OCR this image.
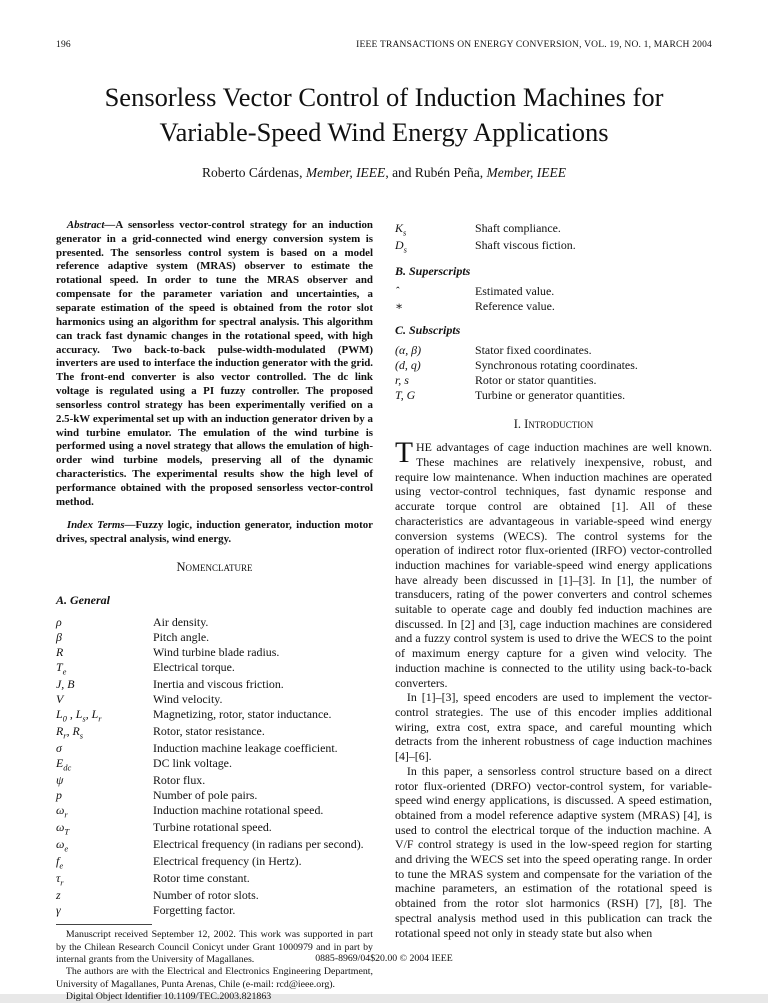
196	IEEE TRANSACTIONS ON ENERGY CONVERSION, VOL. 19, NO. 1, MARCH 2004
Sensorless Vector Control of Induction Machines for Variable-Speed Wind Energy Applications
Roberto Cárdenas, Member, IEEE, and Rubén Peña, Member, IEEE

Abstract—A sensorless vector-control strategy for an induction generator in a grid-connected wind energy conversion system is presented. The sensorless control system is based on a model reference adaptive system (MRAS) observer to estimate the rotational speed. In order to tune the MRAS observer and compensate for the parameter variation and uncertainties, a separate estimation of the speed is obtained from the rotor slot harmonics using an algorithm for spectral analysis. This algorithm can track fast dynamic changes in the rotational speed, with high accuracy. Two back-to-back pulse-width-modulated (PWM) inverters are used to interface the induction generator with the grid. The front-end converter is also vector controlled. The dc link voltage is regulated using a PI fuzzy controller. The proposed sensorless control strategy has been experimentally verified on a 2.5-kW experimental set up with an induction generator driven by a wind turbine emulator. The emulation of the wind turbine is performed using a novel strategy that allows the emulation of high-order wind turbine models, preserving all of the dynamic characteristics. The experimental results show the high level of performance obtained with the proposed sensorless vector-control method.

Index Terms—Fuzzy logic, induction generator, induction motor drives, spectral analysis, wind energy.

Nomenclature
A. General
ρ	Air density.
β	Pitch angle.
R	Wind turbine blade radius.
$T_e$	Electrical torque.
J, B	Inertia and viscous friction.
V	Wind velocity.
$L_0$ , $L_s$, $L_r$	Magnetizing, rotor, stator inductance.
$R_r$, $R_s$	Rotor, stator resistance.
σ	Induction machine leakage coefficient.
$E_{dc}$	DC link voltage.
ψ	Rotor flux.
p	Number of pole pairs.
$\omega_r$	Induction machine rotational speed.
$\omega_T$	Turbine rotational speed.
$\omega_e$	Electrical frequency (in radians per second).
$f_e$	Electrical frequency (in Hertz).
$\tau_r$	Rotor time constant.
z	Number of rotor slots.
γ	Forgetting factor.

Manuscript received September 12, 2002. This work was supported in part by the Chilean Research Council Conicyt under Grant 1000979 and in part by internal grants from the University of Magallanes.

The authors are with the Electrical and Electronics Engineering Department, University of Magallanes, Punta Arenas, Chile (e-mail: rcd@ieee.org).

Digital Object Identifier 10.1109/TEC.2003.821863

$K_s$	Shaft compliance.
$D_s$	Shaft viscous fiction.
B. Superscripts
ˆ	Estimated value.
∗	Reference value.
C. Subscripts
(α, β)	Stator fixed coordinates.
(d, q)	Synchronous rotating coordinates.
r, s	Rotor or stator quantities.
T, G	Turbine or generator quantities.
I. Introduction

THE advantages of cage induction machines are well known. These machines are relatively inexpensive, robust, and require low maintenance. When induction machines are operated using vector-control techniques, fast dynamic response and accurate torque control are obtained [1]. All of these characteristics are advantageous in variable-speed wind energy conversion systems (WECS). The control systems for the operation of indirect rotor flux-oriented (IRFO) vector-controlled induction machines for variable-speed wind energy applications have already been discussed in [1]–[3]. In [1], the number of transducers, rating of the power converters and control schemes suitable to operate cage and doubly fed induction machines are discussed. In [2] and [3], cage induction machines are considered and a fuzzy control system is used to drive the WECS to the point of maximum energy capture for a given wind velocity. The induction machine is connected to the utility using back-to-back converters.

In [1]–[3], speed encoders are used to implement the vector-control strategies. The use of this encoder implies additional wiring, extra cost, extra space, and careful mounting which detracts from the inherent robustness of cage induction machines [4]–[6].

In this paper, a sensorless control structure based on a direct rotor flux-oriented (DRFO) vector-control system, for variable-speed wind energy applications, is discussed. A speed estimation, obtained from a model reference adaptive system (MRAS) [4], is used to control the electrical torque of the induction machine. A V/F control strategy is used in the low-speed region for starting and driving the WECS set into the speed operating range. In order to tune the MRAS system and compensate for the variation of the machine parameters, an estimation of the rotational speed is obtained from the rotor slot harmonics (RSH) [7], [8]. The spectral analysis method used in this publication can track the rotational speed not only in steady state but also when

0885-8969/04$20.00 © 2004 IEEE
